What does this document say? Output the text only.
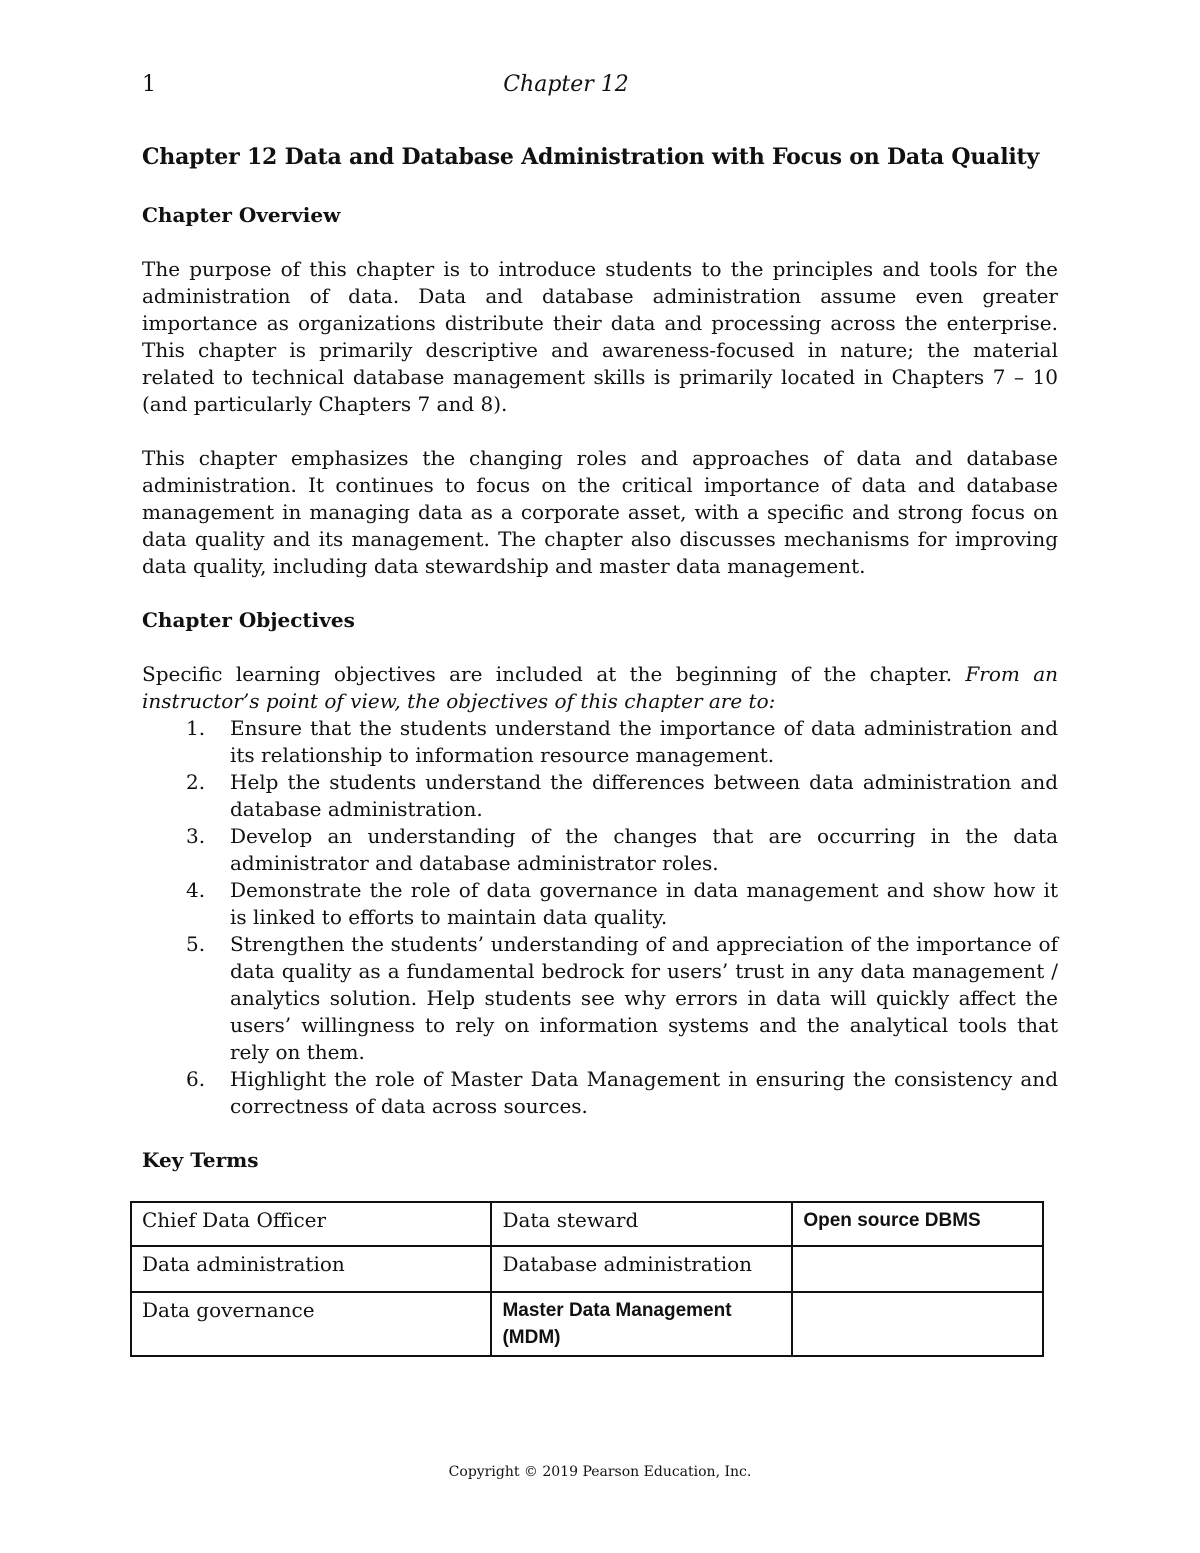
1	Chapter 12
Chapter 12 Data and Database Administration with Focus on Data Quality
Chapter Overview

The purpose of this chapter is to introduce students to the principles and tools for the administration of data. Data and database administration assume even greater importance as organizations distribute their data and processing across the enterprise. This chapter is primarily descriptive and awareness-focused in nature; the material related to technical database management skills is primarily located in Chapters 7 – 10 (and particularly Chapters 7 and 8).

This chapter emphasizes the changing roles and approaches of data and database administration. It continues to focus on the critical importance of data and database management in managing data as a corporate asset, with a specific and strong focus on data quality and its management. The chapter also discusses mechanisms for improving data quality, including data stewardship and master data management.

Chapter Objectives

Specific learning objectives are included at the beginning of the chapter. From an instructor’s point of view, the objectives of this chapter are to:

1. Ensure that the students understand the importance of data administration and its relationship to information resource management.
2. Help the students understand the differences between data administration and database administration.
3. Develop an understanding of the changes that are occurring in the data administrator and database administrator roles.
4. Demonstrate the role of data governance in data management and show how it is linked to efforts to maintain data quality.
5. Strengthen the students’ understanding of and appreciation of the importance of data quality as a fundamental bedrock for users’ trust in any data management / analytics solution. Help students see why errors in data will quickly affect the users’ willingness to rely on information systems and the analytical tools that rely on them.
6. Highlight the role of Master Data Management in ensuring the consistency and correctness of data across sources.
Key Terms
Chief Data Officer	Data steward	Open source DBMS
Data administration	Database administration	
Data governance	Master Data Management (MDM)	
Copyright © 2019 Pearson Education, Inc.
